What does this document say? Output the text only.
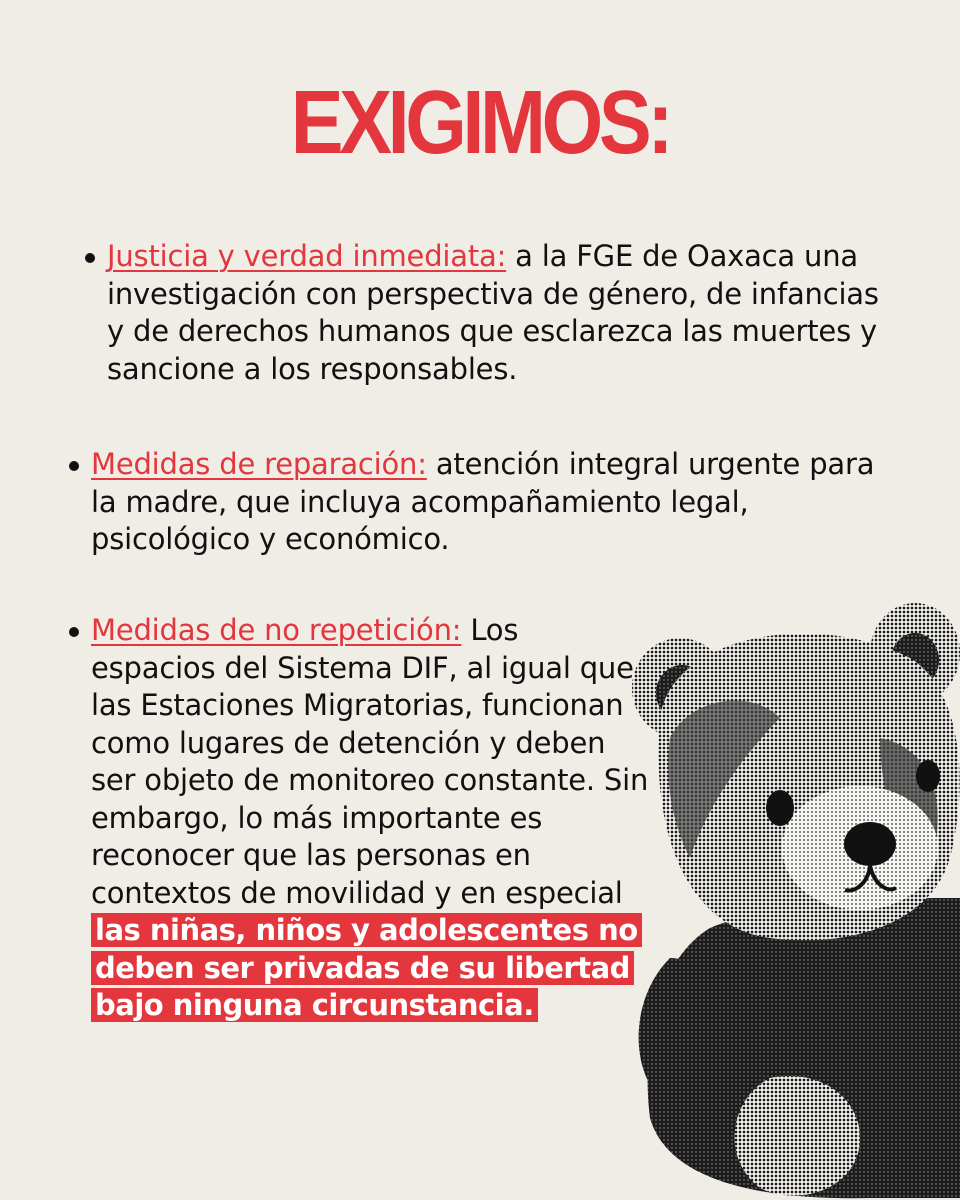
EXIGIMOS:
Justicia y verdad inmediata: a la FGE de Oaxaca una investigación con perspectiva de género, de infancias y de derechos humanos que esclarezca las muertes y sancione a los responsables.
Medidas de reparación: atención integral urgente para la madre, que incluya acompañamiento legal, psicológico y económico.
Medidas de no repetición: Los espacios del Sistema DIF, al igual que las Estaciones Migratorias, funcionan como lugares de detención y deben ser objeto de monitoreo constante. Sin embargo, lo más importante es reconocer que las personas en contextos de movilidad y en especial las niñas, niños y adolescentes no deben ser privadas de su libertad bajo ninguna circunstancia.
